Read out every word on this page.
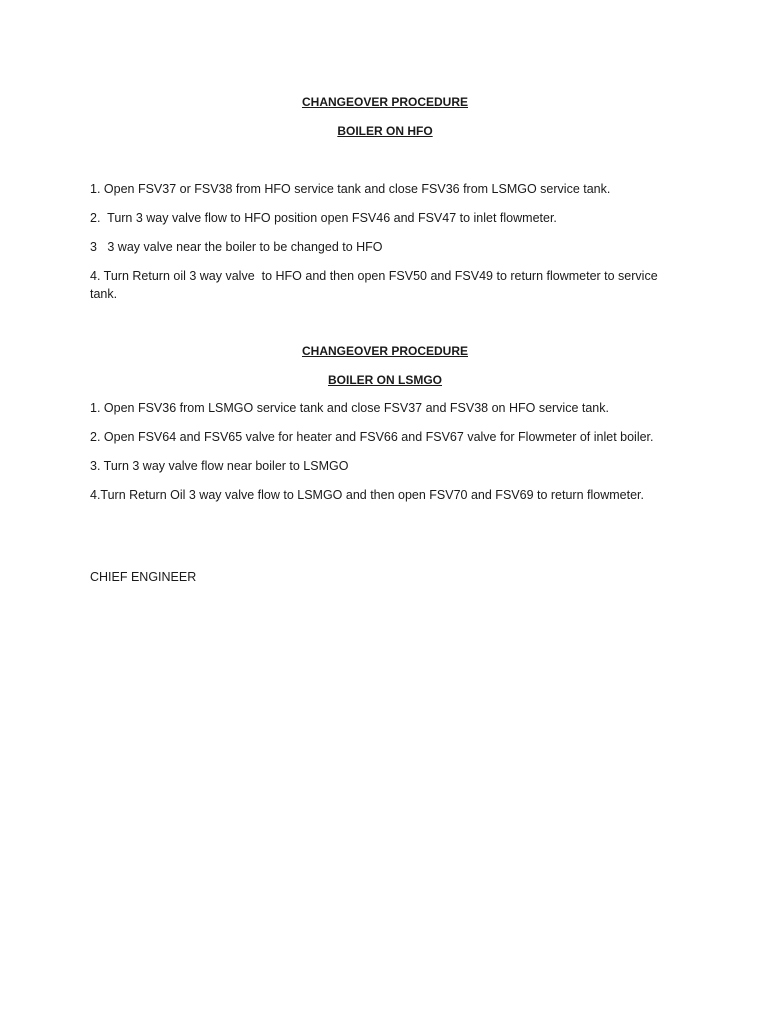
CHANGEOVER PROCEDURE

BOILER ON HFO

1. Open FSV37 or FSV38 from HFO service tank and close FSV36 from LSMGO service tank.

2.  Turn 3 way valve flow to HFO position open FSV46 and FSV47 to inlet flowmeter.

3   3 way valve near the boiler to be changed to HFO

4. Turn Return oil 3 way valve  to HFO and then open FSV50 and FSV49 to return flowmeter to service tank.

CHANGEOVER PROCEDURE

BOILER ON LSMGO

1. Open FSV36 from LSMGO service tank and close FSV37 and FSV38 on HFO service tank.

2. Open FSV64 and FSV65 valve for heater and FSV66 and FSV67 valve for Flowmeter of inlet boiler.

3. Turn 3 way valve flow near boiler to LSMGO

4.Turn Return Oil 3 way valve flow to LSMGO and then open FSV70 and FSV69 to return flowmeter.

CHIEF ENGINEER
